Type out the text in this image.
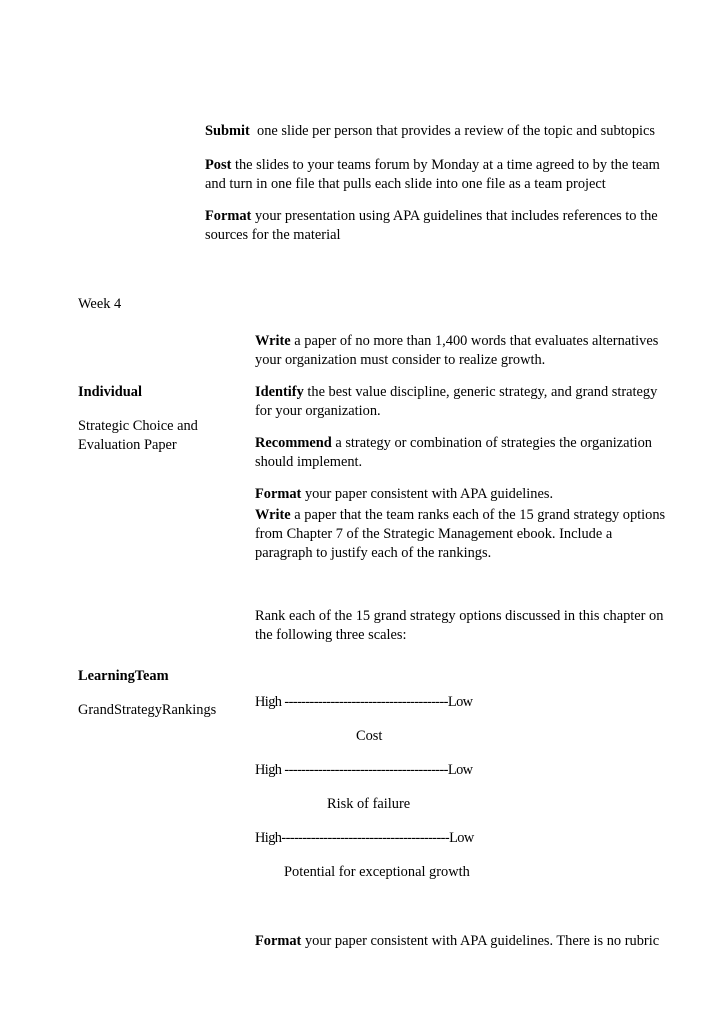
Submit  one slide per person that provides a review of the topic and subtopics
Post the slides to your teams forum by Monday at a time agreed to by the team
and turn in one file that pulls each slide into one file as a team project
Format your presentation using APA guidelines that includes references to the
sources for the material
Week 4
Write a paper of no more than 1,400 words that evaluates alternatives
your organization must consider to realize growth.
Individual
Strategic Choice and
Evaluation Paper
Identify the best value discipline, generic strategy, and grand strategy
for your organization.
Recommend a strategy or combination of strategies the organization
should implement.
Format your paper consistent with APA guidelines.
Write a paper that the team ranks each of the 15 grand strategy options
from Chapter 7 of the Strategic Management ebook. Include a
paragraph to justify each of the rankings.
Rank each of the 15 grand strategy options discussed in this chapter on
the following three scales:
LearningTeam
GrandStrategyRankings	High ---------------------------------------Low
Cost
High ---------------------------------------Low
Risk of failure
High----------------------------------------Low
Potential for exceptional growth
Format your paper consistent with APA guidelines. There is no rubric
